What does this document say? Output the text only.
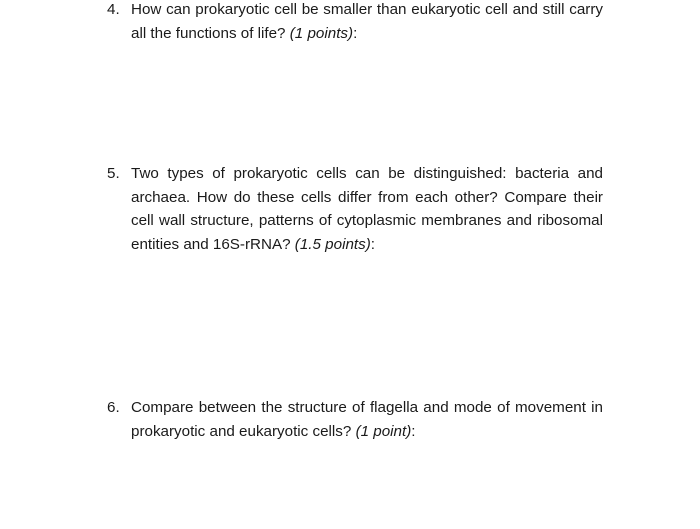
4. How can prokaryotic cell be smaller than eukaryotic cell and still carry all the functions of life? (1 points):
5. Two types of prokaryotic cells can be distinguished: bacteria and archaea. How do these cells differ from each other? Compare their cell wall structure, patterns of cytoplasmic membranes and ribosomal entities and 16S-rRNA? (1.5 points):
6. Compare between the structure of flagella and mode of movement in prokaryotic and eukaryotic cells? (1 point):
